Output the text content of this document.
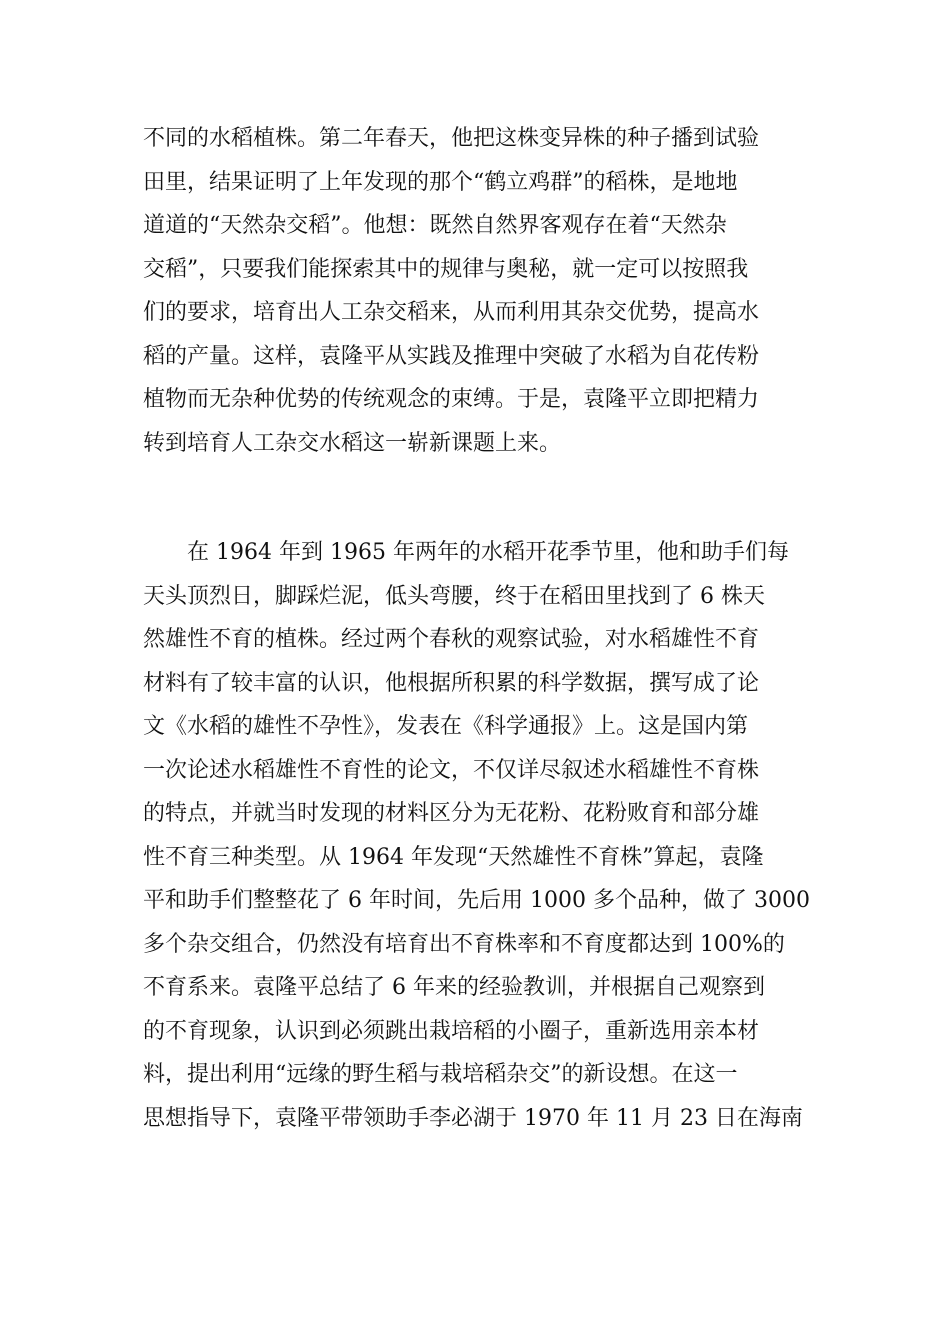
不同的水稻植株。第二年春天，他把这株变异株的种子播到试验
田里，结果证明了上年发现的那个“鹤立鸡群”的稻株，是地地
道道的“天然杂交稻”。他想：既然自然界客观存在着“天然杂
交稻”，只要我们能探索其中的规律与奥秘，就一定可以按照我
们的要求，培育出人工杂交稻来，从而利用其杂交优势，提高水
稻的产量。这样，袁隆平从实践及推理中突破了水稻为自花传粉
植物而无杂种优势的传统观念的束缚。于是，袁隆平立即把精力
转到培育人工杂交水稻这一崭新课题上来。
在 1964 年到 1965 年两年的水稻开花季节里，他和助手们每
天头顶烈日，脚踩烂泥，低头弯腰，终于在稻田里找到了 6 株天
然雄性不育的植株。经过两个春秋的观察试验，对水稻雄性不育
材料有了较丰富的认识，他根据所积累的科学数据，撰写成了论
文《水稻的雄性不孕性》，发表在《科学通报》上。这是国内第
一次论述水稻雄性不育性的论文，不仅详尽叙述水稻雄性不育株
的特点，并就当时发现的材料区分为无花粉、花粉败育和部分雄
性不育三种类型。从 1964 年发现“天然雄性不育株”算起，袁隆
平和助手们整整花了 6 年时间，先后用 1000 多个品种，做了 3000
多个杂交组合，仍然没有培育出不育株率和不育度都达到 100%的
不育系来。袁隆平总结了 6 年来的经验教训，并根据自己观察到
的不育现象，认识到必须跳出栽培稻的小圈子，重新选用亲本材
料，提出利用“远缘的野生稻与栽培稻杂交”的新设想。在这一
思想指导下，袁隆平带领助手李必湖于 1970 年 11 月 23 日在海南
